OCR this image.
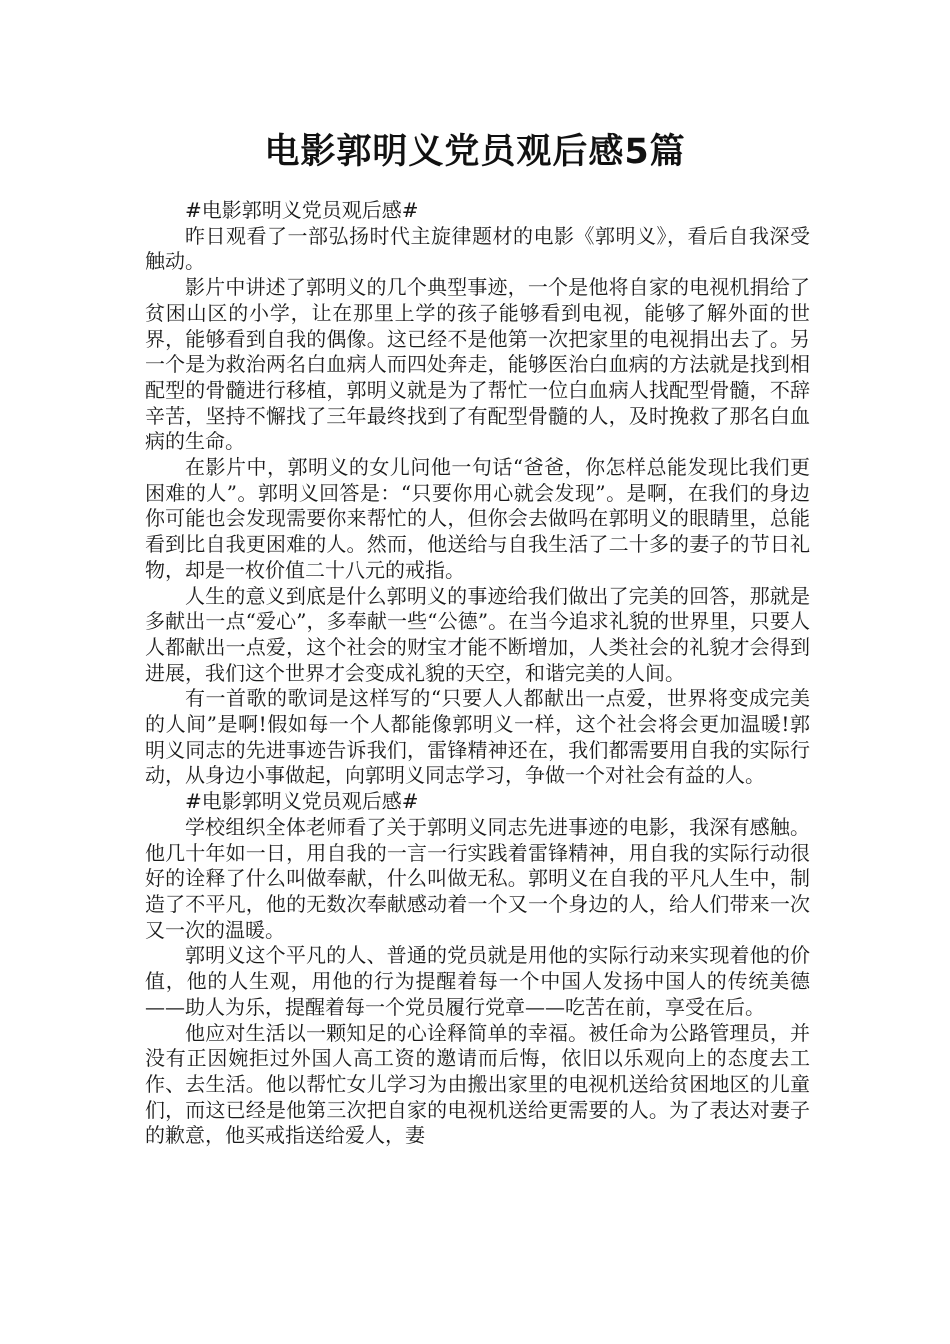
电影郭明义党员观后感5篇

#电影郭明义党员观后感#

昨日观看了一部弘扬时代主旋律题材的电影《郭明义》，看后自我深受触动。

影片中讲述了郭明义的几个典型事迹，一个是他将自家的电视机捐给了贫困山区的小学，让在那里上学的孩子能够看到电视，能够了解外面的世界，能够看到自我的偶像。这已经不是他第一次把家里的电视捐出去了。另一个是为救治两名白血病人而四处奔走，能够医治白血病的方法就是找到相配型的骨髓进行移植，郭明义就是为了帮忙一位白血病人找配型骨髓，不辞辛苦，坚持不懈找了三年最终找到了有配型骨髓的人，及时挽救了那名白血病的生命。

在影片中，郭明义的女儿问他一句话“爸爸，你怎样总能发现比我们更困难的人”。郭明义回答是：“只要你用心就会发现”。是啊，在我们的身边你可能也会发现需要你来帮忙的人，但你会去做吗在郭明义的眼睛里，总能看到比自我更困难的人。然而，他送给与自我生活了二十多的妻子的节日礼物，却是一枚价值二十八元的戒指。

人生的意义到底是什么郭明义的事迹给我们做出了完美的回答，那就是多献出一点“爱心”，多奉献一些“公德”。在当今追求礼貌的世界里，只要人人都献出一点爱，这个社会的财宝才能不断增加，人类社会的礼貌才会得到进展，我们这个世界才会变成礼貌的天空，和谐完美的人间。

有一首歌的歌词是这样写的“只要人人都献出一点爱，世界将变成完美的人间”是啊!假如每一个人都能像郭明义一样，这个社会将会更加温暖!郭明义同志的先进事迹告诉我们，雷锋精神还在，我们都需要用自我的实际行动，从身边小事做起，向郭明义同志学习，争做一个对社会有益的人。

#电影郭明义党员观后感#

学校组织全体老师看了关于郭明义同志先进事迹的电影，我深有感触。他几十年如一日，用自我的一言一行实践着雷锋精神，用自我的实际行动很好的诠释了什么叫做奉献，什么叫做无私。郭明义在自我的平凡人生中，制造了不平凡，他的无数次奉献感动着一个又一个身边的人，给人们带来一次又一次的温暖。

郭明义这个平凡的人、普通的党员就是用他的实际行动来实现着他的价值，他的人生观，用他的行为提醒着每一个中国人发扬中国人的传统美德——助人为乐，提醒着每一个党员履行党章——吃苦在前，享受在后。

他应对生活以一颗知足的心诠释简单的幸福。被任命为公路管理员，并没有正因婉拒过外国人高工资的邀请而后悔，依旧以乐观向上的态度去工作、去生活。他以帮忙女儿学习为由搬出家里的电视机送给贫困地区的儿童们，而这已经是他第三次把自家的电视机送给更需要的人。为了表达对妻子的歉意，他买戒指送给爱人，妻
